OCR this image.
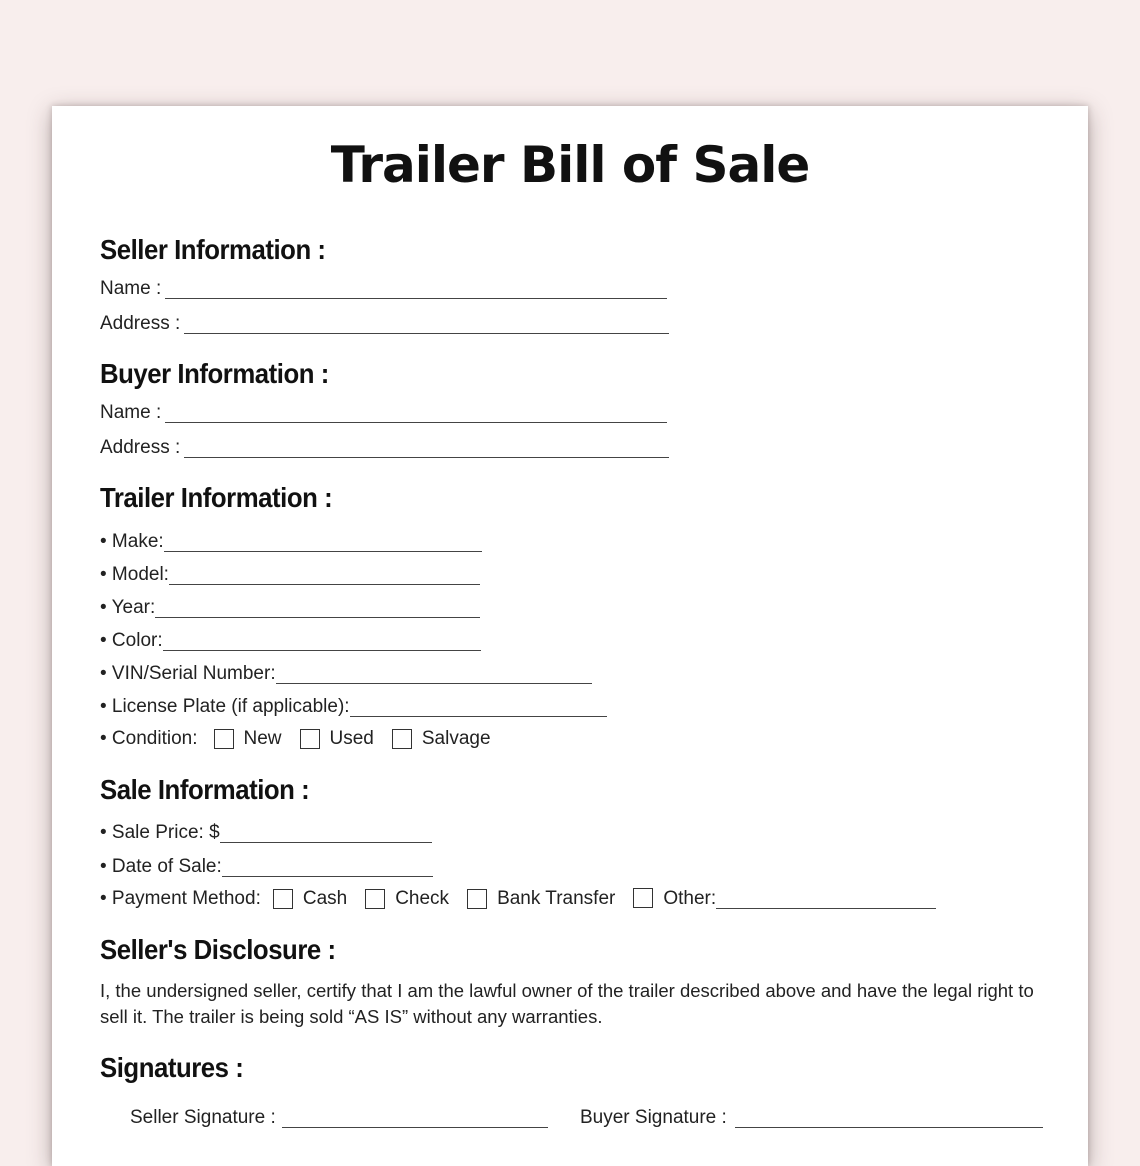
Trailer Bill of Sale
Seller Information :
Name :
Address :
Buyer Information :
Name :
Address :
Trailer Information :
• Make:
• Model:
• Year:
• Color:
• VIN/Serial Number:
• License Plate (if applicable):
• Condition: New	Used	Salvage
Sale Information :
• Sale Price: $
• Date of Sale:
• Payment Method: Cash	Check	Bank Transfer	Other:
Seller's Disclosure :
I, the undersigned seller, certify that I am the lawful owner of the trailer described above and have the legal right to sell it. The trailer is being sold “AS IS” without any warranties.
Signatures :
Seller Signature :	Buyer Signature :
